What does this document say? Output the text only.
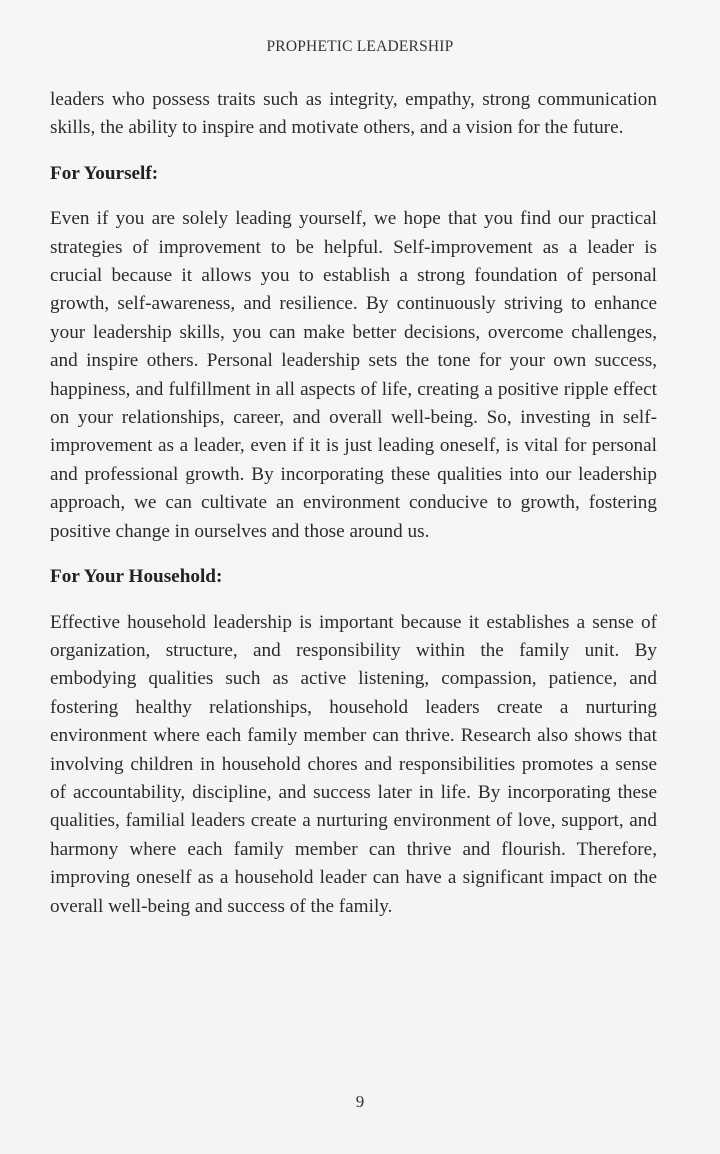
PROPHETIC LEADERSHIP

leaders who possess traits such as integrity, empathy, strong communication skills, the ability to inspire and motivate others, and a vision for the future.

For Yourself:

Even if you are solely leading yourself, we hope that you find our practical strategies of improvement to be helpful. Self-improvement as a leader is crucial because it allows you to establish a strong foundation of personal growth, self-awareness, and resilience. By continuously striving to enhance your leadership skills, you can make better decisions, overcome challenges, and inspire others. Personal leadership sets the tone for your own success, happiness, and fulfillment in all aspects of life, creating a positive ripple effect on your relationships, career, and overall well-being. So, investing in self-improvement as a leader, even if it is just leading oneself, is vital for personal and professional growth. By incorporating these qualities into our leadership approach, we can cultivate an environment conducive to growth, fostering positive change in ourselves and those around us.

For Your Household:

Effective household leadership is important because it establishes a sense of organization, structure, and responsibility within the family unit. By embodying qualities such as active listening, compassion, patience, and fostering healthy relationships, household leaders create a nurturing environment where each family member can thrive. Research also shows that involving children in household chores and responsibilities promotes a sense of accountability, discipline, and success later in life. By incorporating these qualities, familial leaders create a nurturing environment of love, support, and harmony where each family member can thrive and flourish. Therefore, improving oneself as a household leader can have a significant impact on the overall well-being and success of the family.

9
